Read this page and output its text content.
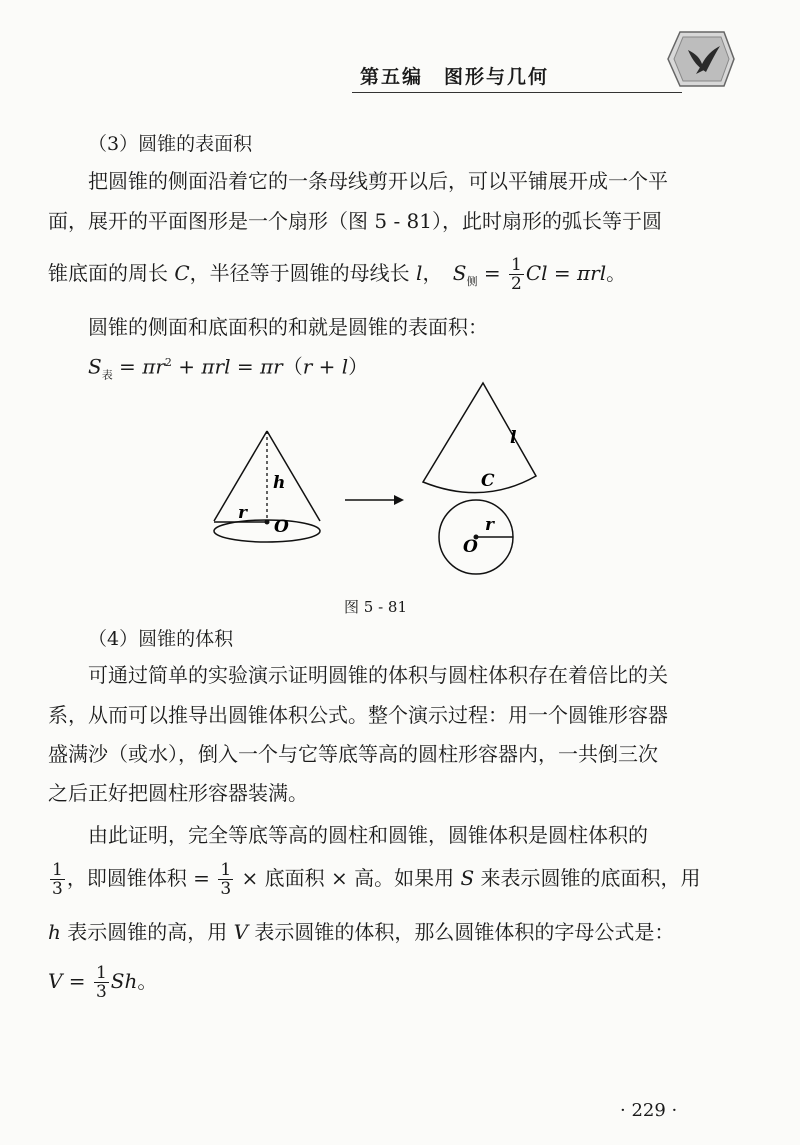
第五编　图形与几何

（3）圆锥的表面积

把圆锥的侧面沿着它的一条母线剪开以后，可以平铺展开成一个平

面，展开的平面图形是一个扇形（图 5 - 81），此时扇形的弧长等于圆

锥底面的周长 C，半径等于圆锥的母线长 l， $S_侧 = \frac{1}{2}$ Cl = πrl。

圆锥的侧面和底面积的和就是圆锥的表面积：

$S_表 = \pi r^2 + \pi rl = \pi r(r + l)$

h
r
O
l
C
r
O
图 5 - 81

（4）圆锥的体积

可通过简单的实验演示证明圆锥的体积与圆柱体积存在着倍比的关

系，从而可以推导出圆锥体积公式。整个演示过程：用一个圆锥形容器

盛满沙（或水），倒入一个与它等底等高的圆柱形容器内，一共倒三次

之后正好把圆柱形容器装满。

由此证明，完全等底等高的圆柱和圆锥，圆锥体积是圆柱体积的

$\frac{1}{3}$ ，即圆锥体积 = $\frac{1}{3}$ × 底面积 × 高。如果用 S 来表示圆锥的底面积，用

h 表示圆锥的高，用 V 表示圆锥的体积，那么圆锥体积的字母公式是：

$V = \frac{1}{3}$ Sh。

· 229 ·
